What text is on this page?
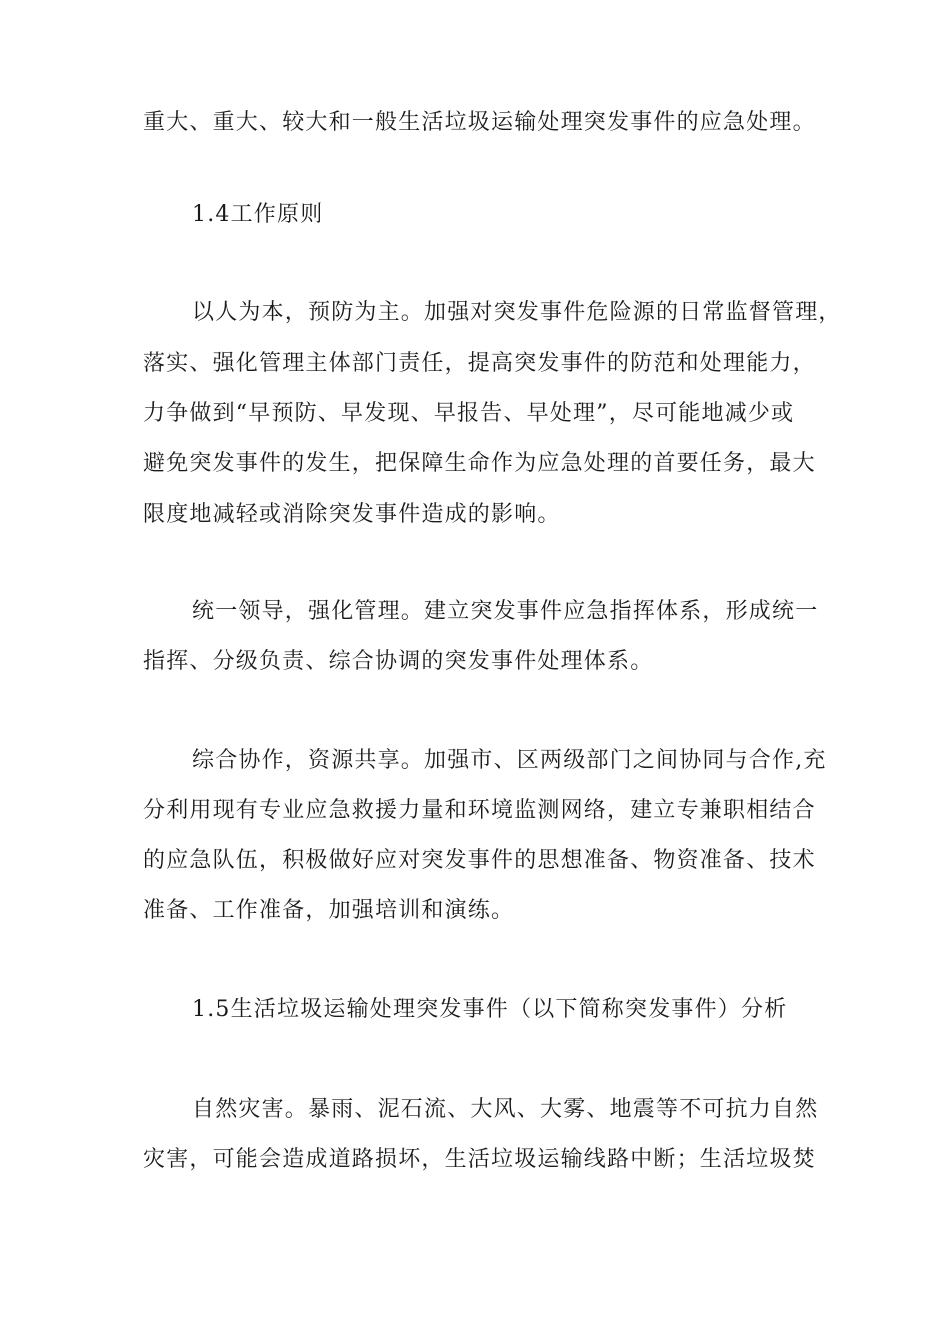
重大、重大、较大和一般生活垃圾运输处理突发事件的应急处理。
1.4工作原则
以人为本，预防为主。加强对突发事件危险源的日常监督管理，
落实、强化管理主体部门责任，提高突发事件的防范和处理能力，
力争做到“早预防、早发现、早报告、早处理”，尽可能地减少或
避免突发事件的发生，把保障生命作为应急处理的首要任务，最大
限度地减轻或消除突发事件造成的影响。
统一领导，强化管理。建立突发事件应急指挥体系，形成统一
指挥、分级负责、综合协调的突发事件处理体系。
综合协作，资源共享。加强市、区两级部门之间协同与合作,充
分利用现有专业应急救援力量和环境监测网络，建立专兼职相结合
的应急队伍，积极做好应对突发事件的思想准备、物资准备、技术
准备、工作准备，加强培训和演练。
1.5生活垃圾运输处理突发事件（以下简称突发事件）分析
自然灾害。暴雨、泥石流、大风、大雾、地震等不可抗力自然
灾害，可能会造成道路损坏，生活垃圾运输线路中断；生活垃圾焚
